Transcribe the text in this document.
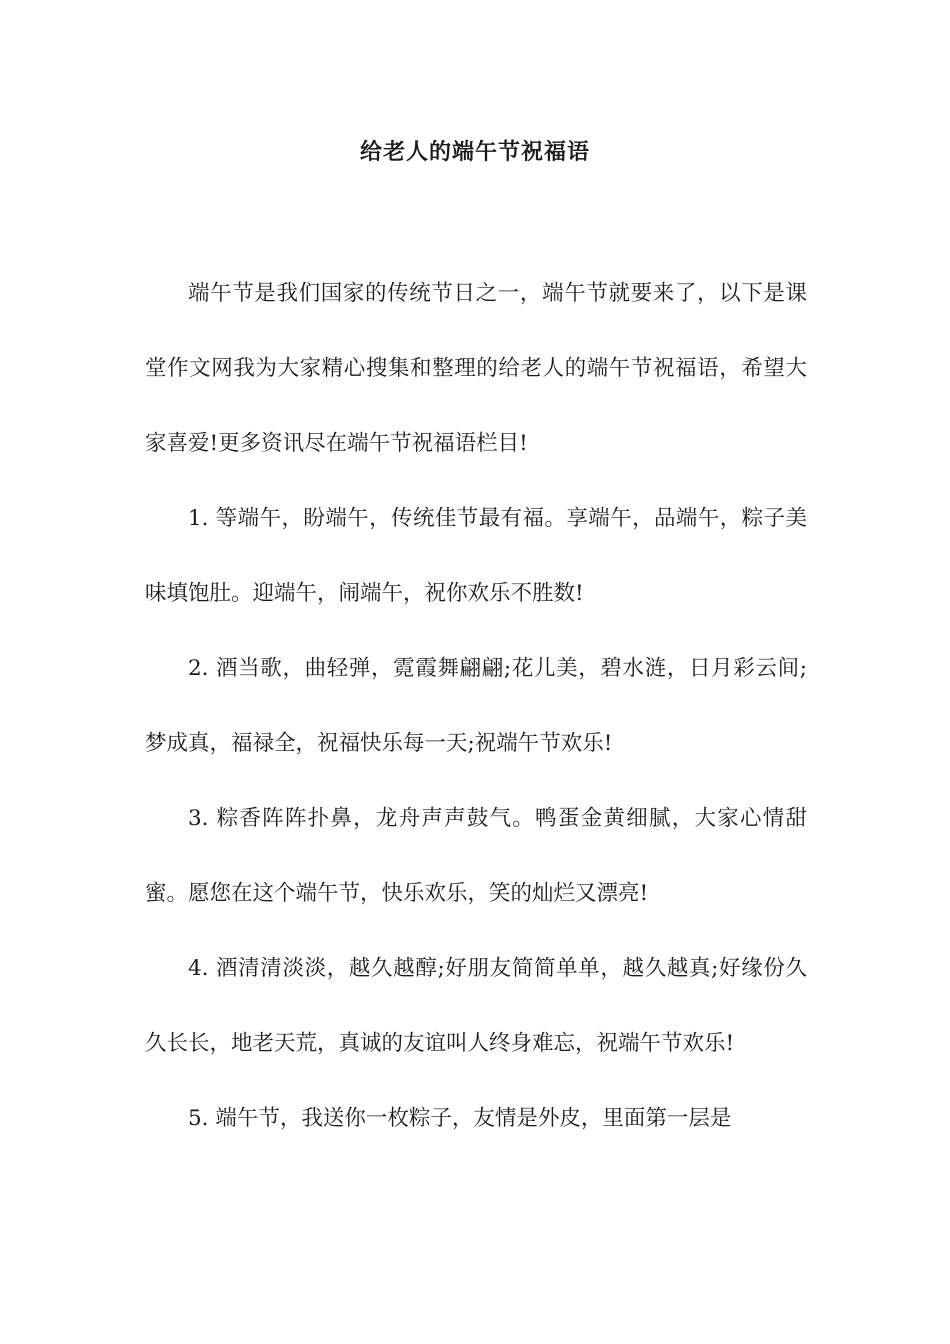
给老人的端午节祝福语

端午节是我们国家的传统节日之一，端午节就要来了，以下是课堂作文网我为大家精心搜集和整理的给老人的端午节祝福语，希望大家喜爱!更多资讯尽在端午节祝福语栏目!

1. 等端午，盼端午，传统佳节最有福。享端午，品端午，粽子美味填饱肚。迎端午，闹端午，祝你欢乐不胜数!

2. 酒当歌，曲轻弹，霓霞舞翩翩;花儿美，碧水涟，日月彩云间;梦成真，福禄全，祝福快乐每一天;祝端午节欢乐!

3. 粽香阵阵扑鼻，龙舟声声鼓气。鸭蛋金黄细腻，大家心情甜蜜。愿您在这个端午节，快乐欢乐，笑的灿烂又漂亮!

4. 酒清清淡淡，越久越醇;好朋友简简单单，越久越真;好缘份久久长长，地老天荒，真诚的友谊叫人终身难忘，祝端午节欢乐!

5. 端午节，我送你一枚粽子，友情是外皮，里面第一层是
